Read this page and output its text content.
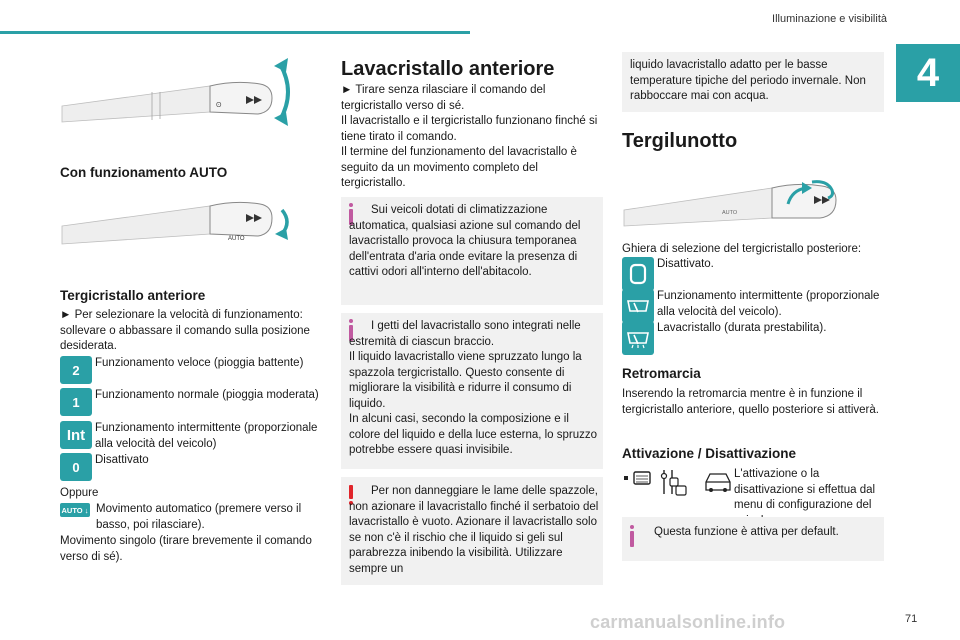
Illuminazione e visibilità
4
ʘ
Con funzionamento AUTO
AUTO
Tergicristallo anteriore

► Per selezionare la velocità di funzionamento: sollevare o abbassare il comando sulla posizione desiderata.

2	Funzionamento veloce (pioggia battente)

1	Funzionamento normale (pioggia moderata)

Int Funzionamento intermittente (proporzionale alla velocità del veicolo)

0	Disattivato

Oppure

AUTO ↓ Movimento automatico (premere verso il basso, poi rilasciare).

Movimento singolo (tirare brevemente il comando verso di sé).

Lavacristallo anteriore

► Tirare senza rilasciare il comando del tergicristallo verso di sé.

Il lavacristallo e il tergicristallo funzionano finché si tiene tirato il comando.

Il termine del funzionamento del lavacristallo è seguito da un movimento completo del tergicristallo.

Sui veicoli dotati di climatizzazione automatica, qualsiasi azione sul comando del lavacristallo provoca la chiusura temporanea dell'entrata d'aria onde evitare la presenza di cattivi odori all'interno dell'abitacolo.

I getti del lavacristallo sono integrati nelle estremità di ciascun braccio.

Il liquido lavacristallo viene spruzzato lungo la spazzola tergicristallo. Questo consente di migliorare la visibilità e ridurre il consumo di liquido.

In alcuni casi, secondo la composizione e il colore del liquido e della luce esterna, lo spruzzo potrebbe essere quasi invisibile.

Per non danneggiare le lame delle spazzole, non azionare il lavacristallo finché il serbatoio del lavacristallo è vuoto. Azionare il lavacristallo solo se non c'è il rischio che il liquido si geli sul parabrezza inibendo la visibilità. Utilizzare sempre un

liquido lavacristallo adatto per le basse temperature tipiche del periodo invernale. Non rabboccare mai con acqua.

Tergilunotto
AUTO

Ghiera di selezione del tergicristallo posteriore:

Disattivato.

Funzionamento intermittente (proporzionale alla velocità del veicolo).

Lavacristallo (durata prestabilita).

Retromarcia

Inserendo la retromarcia mentre è in funzione il tergicristallo anteriore, quello posteriore si attiverà.

Attivazione / Disattivazione

L'attivazione o la disattivazione si effettua dal menu di configurazione del

Questa funzione è attiva per default.

carmanualsonline.info	71
